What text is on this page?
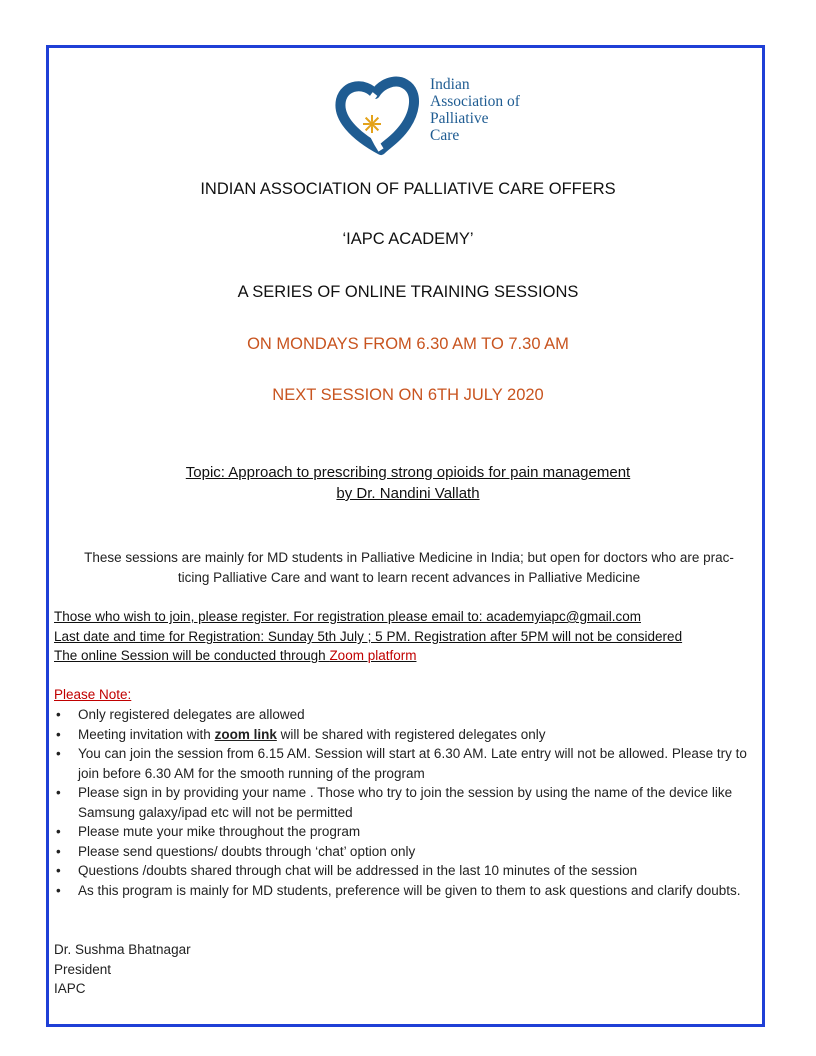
Indian
Association of
Palliative
Care
INDIAN ASSOCIATION OF PALLIATIVE CARE OFFERS
‘IAPC ACADEMY’
A SERIES OF ONLINE TRAINING SESSIONS
ON MONDAYS FROM 6.30 AM TO 7.30 AM
NEXT SESSION ON 6TH JULY 2020
Topic: Approach to prescribing strong opioids for pain management
by Dr. Nandini Vallath
These sessions are mainly for MD students in Palliative Medicine in India; but open for doctors who are prac-
ticing Palliative Care and want to learn recent advances in Palliative Medicine
Those who wish to join, please register. For registration please email to: academyiapc@gmail.com
Last date and time for Registration: Sunday 5th July ; 5 PM. Registration after 5PM will not be considered
The online Session will be conducted through Zoom platform
Please Note:
• Only registered delegates are allowed
• Meeting invitation with zoom link will be shared with registered delegates only
• You can join the session from 6.15 AM. Session will start at 6.30 AM. Late entry will not be allowed. Please try to join before 6.30 AM for the smooth running of the program
• Please sign in by providing your name . Those who try to join the session by using the name of the device like Samsung galaxy/ipad etc will not be permitted
• Please mute your mike throughout the program
• Please send questions/ doubts through ‘chat’ option only
• Questions /doubts shared through chat will be addressed in the last 10 minutes of the session
• As this program is mainly for MD students, preference will be given to them to ask questions and clarify doubts.
Dr. Sushma Bhatnagar
President
IAPC
